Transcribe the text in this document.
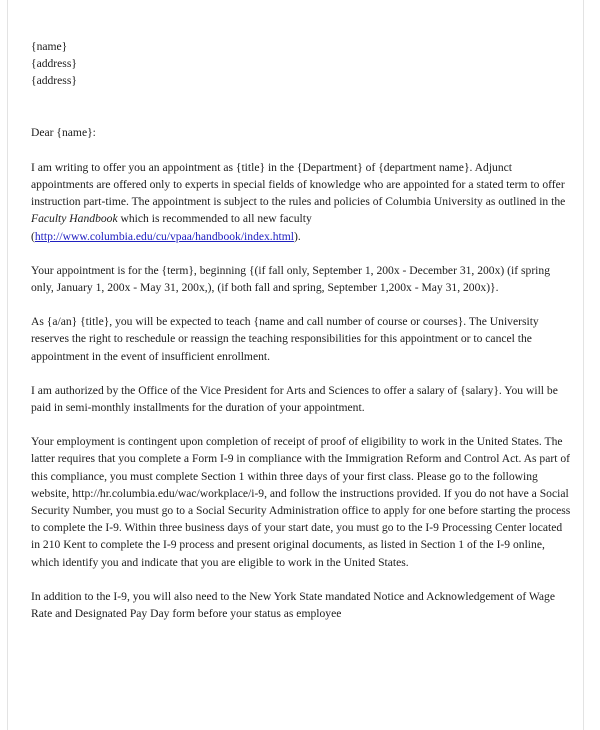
{name}
{address}
{address}
Dear {name}:

I am writing to offer you an appointment as {title} in the {Department} of {department name}. Adjunct appointments are offered only to experts in special fields of knowledge who are appointed for a stated term to offer instruction part-time. The appointment is subject to the rules and policies of Columbia University as outlined in the Faculty Handbook which is recommended to all new faculty (http://www.columbia.edu/cu/vpaa/handbook/index.html).

Your appointment is for the {term}, beginning {(if fall only, September 1, 200x - December 31, 200x) (if spring only, January 1, 200x - May 31, 200x,), (if both fall and spring, September 1,200x - May 31, 200x)}.

As {a/an} {title}, you will be expected to teach {name and call number of course or courses}. The University reserves the right to reschedule or reassign the teaching responsibilities for this appointment or to cancel the appointment in the event of insufficient enrollment.

I am authorized by the Office of the Vice President for Arts and Sciences to offer a salary of {salary}. You will be paid in semi-monthly installments for the duration of your appointment.

Your employment is contingent upon completion of receipt of proof of eligibility to work in the United States. The latter requires that you complete a Form I-9 in compliance with the Immigration Reform and Control Act. As part of this compliance, you must complete Section 1 within three days of your first class. Please go to the following website, http://hr.columbia.edu/wac/workplace/i-9, and follow the instructions provided. If you do not have a Social Security Number, you must go to a Social Security Administration office to apply for one before starting the process to complete the I-9. Within three business days of your start date, you must go to the I-9 Processing Center located in 210 Kent to complete the I-9 process and present original documents, as listed in Section 1 of the I-9 online, which identify you and indicate that you are eligible to work in the United States.

In addition to the I-9, you will also need to the New York State mandated Notice and Acknowledgement of Wage Rate and Designated Pay Day form before your status as employee
